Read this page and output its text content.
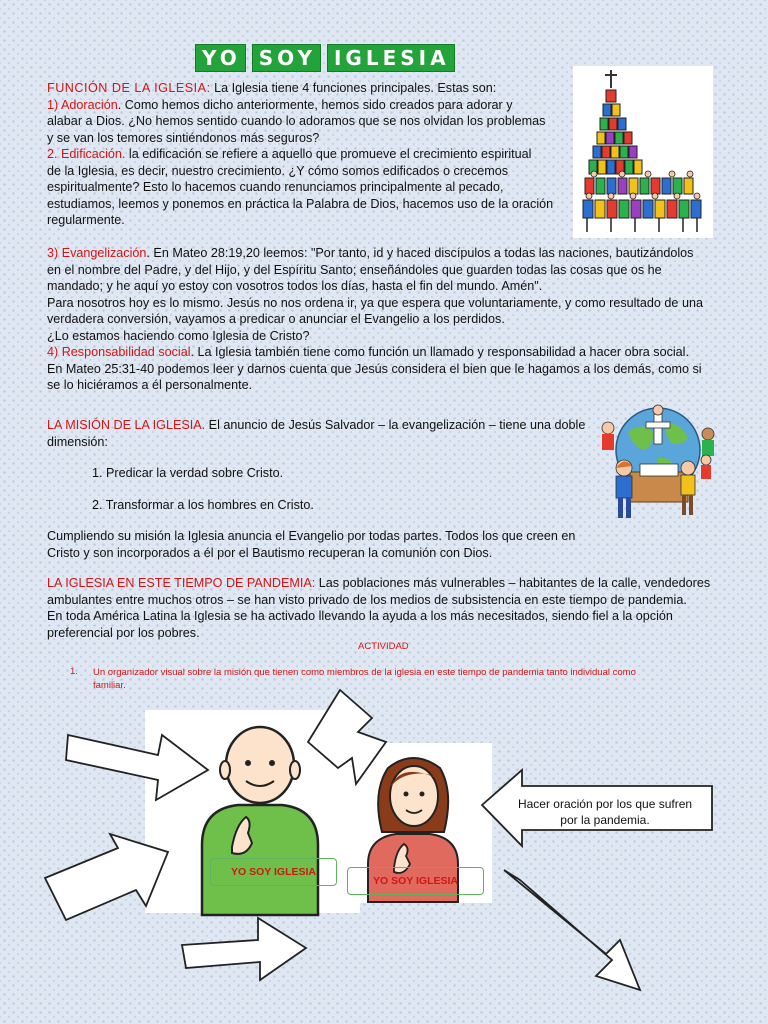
YO SOY IGLESIA

FUNCIÓN DE LA IGLESIA: La Iglesia tiene 4 funciones principales. Estas son:

1) Adoración. Como hemos dicho anteriormente, hemos sido creados para adorar y

alabar a Dios. ¿No hemos sentido cuando lo adoramos que se nos olvidan los problemas

y se van los temores sintiéndonos más seguros?

2. Edificación. la edificación se refiere a aquello que promueve el crecimiento espiritual

de la Iglesia, es decir, nuestro crecimiento. ¿Y cómo somos edificados o crecemos

espiritualmente? Esto lo hacemos cuando renunciamos principalmente al pecado,

estudiamos, leemos y ponemos en práctica la Palabra de Dios, hacemos uso de la oración

regularmente.

3) Evangelización. En Mateo 28:19,20 leemos: "Por tanto, id y haced discípulos a todas las naciones, bautizándolos

en el nombre del Padre, y del Hijo, y del Espíritu Santo; enseñándoles que guarden todas las cosas que os he

mandado; y he aquí yo estoy con vosotros todos los días, hasta el fin del mundo. Amén".

Para nosotros hoy es lo mismo. Jesús no nos ordena ir, ya que espera que voluntariamente, y como resultado de una

verdadera conversión, vayamos a predicar o anunciar el Evangelio a los perdidos.

¿Lo estamos haciendo como Iglesia de Cristo?

4) Responsabilidad social. La Iglesia también tiene como función un llamado y responsabilidad a hacer obra social.

En Mateo 25:31-40 podemos leer y darnos cuenta que Jesús considera el bien que le hagamos a los demás, como si

se lo hiciéramos a él personalmente.

LA MISIÓN DE LA IGLESIA. El anuncio de Jesús Salvador – la evangelización – tiene una doble

dimensión:

1. Predicar la verdad sobre Cristo.
2. Transformar a los hombres en Cristo.

Cumpliendo su misión la Iglesia anuncia el Evangelio por todas partes. Todos los que creen en

Cristo y son incorporados a él por el Bautismo recuperan la comunión con Dios.

LA IGLESIA EN ESTE TIEMPO DE PANDEMIA: Las poblaciones más vulnerables – habitantes de la calle, vendedores

ambulantes entre muchos otros – se han visto privado de los medios de subsistencia en este tiempo de pandemia.

En toda América Latina la Iglesia se ha activado llevando la ayuda a los más necesitados, siendo fiel a la opción

preferencial por los pobres.

ACTIVIDAD
1. Un organizador visual sobre la misión que tienen como miembros de la iglesia en este tiempo de pandemia tanto individual como

familiar.

YO SOY IGLESIA
YO SOY IGLESIA

Hacer oración por los que sufren

por la pandemia.
